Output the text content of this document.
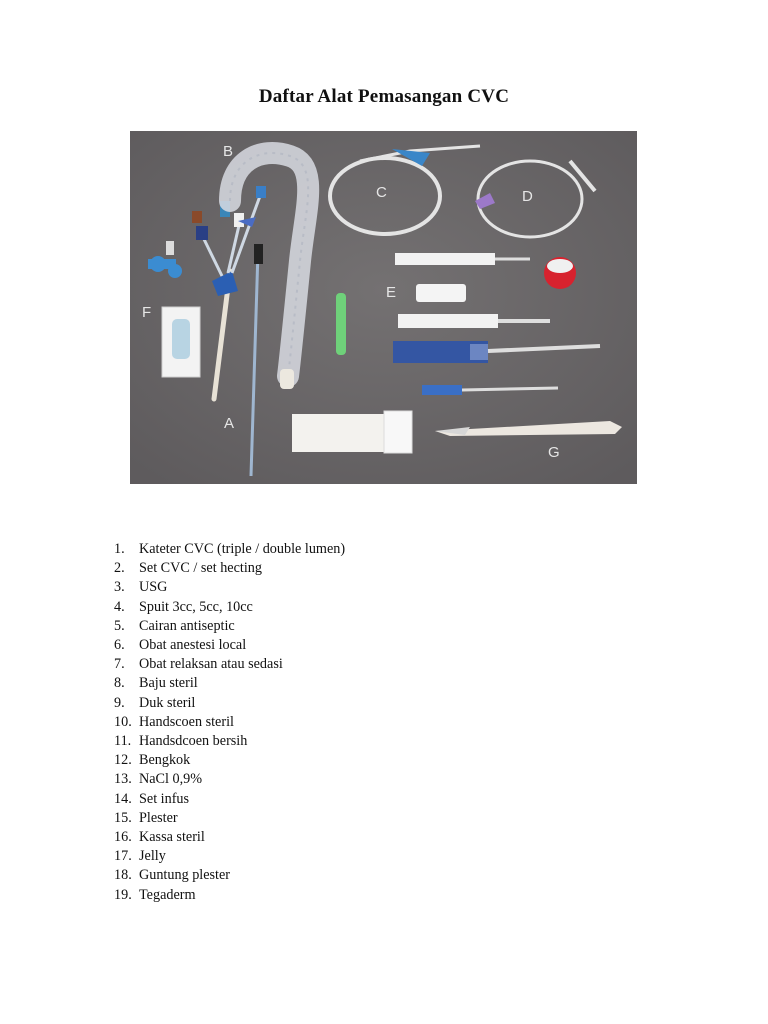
Daftar Alat Pemasangan CVC
B
C	D
E
F
A
G
1.	Kateter CVC (triple / double lumen)
2.	Set CVC / set hecting
3.	USG
4.	Spuit 3cc, 5cc, 10cc
5.	Cairan antiseptic
6.	Obat anestesi local
7.	Obat relaksan atau sedasi
8.	Baju steril
9.	Duk steril
10. Handscoen steril
11. Handsdcoen bersih
12. Bengkok
13. NaCl 0,9%
14. Set infus
15. Plester
16. Kassa steril
17. Jelly
18. Guntung plester
19. Tegaderm
